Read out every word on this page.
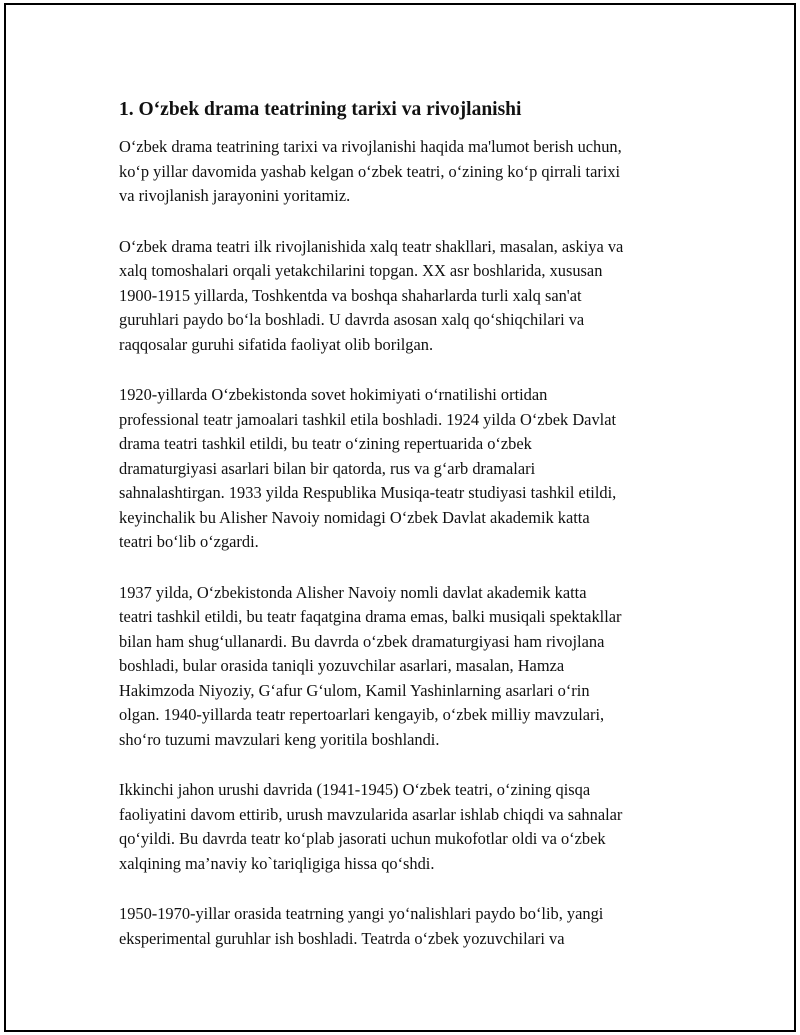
1. O‘zbek drama teatrining tarixi va rivojlanishi
O‘zbek drama teatrining tarixi va rivojlanishi haqida ma'lumot berish uchun,
ko‘p yillar davomida yashab kelgan o‘zbek teatri, o‘zining ko‘p qirrali tarixi
va rivojlanish jarayonini yoritamiz.
O‘zbek drama teatri ilk rivojlanishida xalq teatr shakllari, masalan, askiya va
xalq tomoshalari orqali yetakchilarini topgan. XX asr boshlarida, xususan
1900-1915 yillarda, Toshkentda va boshqa shaharlarda turli xalq san'at
guruhlari paydo bo‘la boshladi. U davrda asosan xalq qo‘shiqchilari va
raqqosalar guruhi sifatida faoliyat olib borilgan.
1920-yillarda O‘zbekistonda sovet hokimiyati o‘rnatilishi ortidan
professional teatr jamoalari tashkil etila boshladi. 1924 yilda O‘zbek Davlat
drama teatri tashkil etildi, bu teatr o‘zining repertuarida o‘zbek
dramaturgiyasi asarlari bilan bir qatorda, rus va g‘arb dramalari
sahnalashtirgan. 1933 yilda Respublika Musiqa-teatr studiyasi tashkil etildi,
keyinchalik bu Alisher Navoiy nomidagi O‘zbek Davlat akademik katta
teatri bo‘lib o‘zgardi.
1937 yilda, O‘zbekistonda Alisher Navoiy nomli davlat akademik katta
teatri tashkil etildi, bu teatr faqatgina drama emas, balki musiqali spektakllar
bilan ham shug‘ullanardi. Bu davrda o‘zbek dramaturgiyasi ham rivojlana
boshladi, bular orasida taniqli yozuvchilar asarlari, masalan, Hamza
Hakimzoda Niyoziy, G‘afur G‘ulom, Kamil Yashinlarning asarlari o‘rin
olgan. 1940-yillarda teatr repertoarlari kengayib, o‘zbek milliy mavzulari,
sho‘ro tuzumi mavzulari keng yoritila boshlandi.
Ikkinchi jahon urushi davrida (1941-1945) O‘zbek teatri, o‘zining qisqa
faoliyatini davom ettirib, urush mavzularida asarlar ishlab chiqdi va sahnalar
qo‘yildi. Bu davrda teatr ko‘plab jasorati uchun mukofotlar oldi va o‘zbek
xalqining ma’naviy ko`tariqligiga hissa qo‘shdi.
1950-1970-yillar orasida teatrning yangi yo‘nalishlari paydo bo‘lib, yangi
eksperimental guruhlar ish boshladi. Teatrda o‘zbek yozuvchilari va
